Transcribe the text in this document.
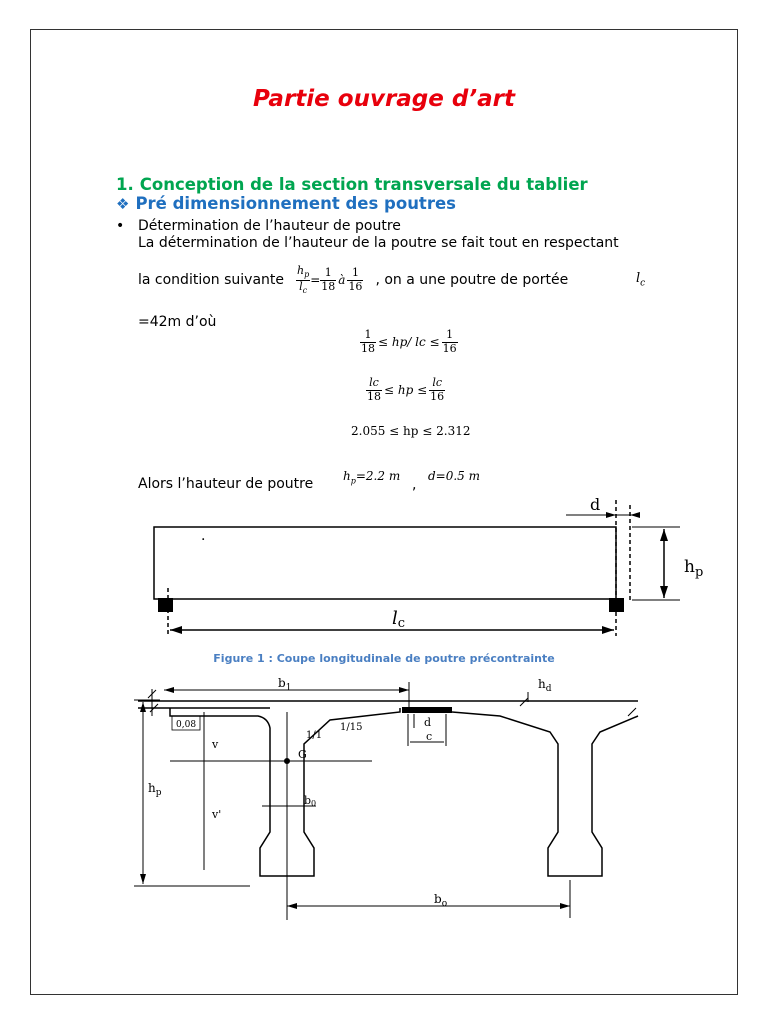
Partie ouvrage d’art
1. Conception de la section transversale du tablier
❖ Pré dimensionnement des poutres
• Détermination de l’hauteur de poutre
La détermination de l’hauteur de la poutre se fait tout en respectant
la condition suivante $\frac{h_p}{l_c} = \frac{1}{18}$ à $\frac{1}{16}$ , on a une poutre de portée	$l_c$
=42m d’où
$\frac{1}{18} \le hp/$ lc ≤ $\frac{1}{16}$
$\frac{lc}{18}$ ≤ hp ≤ $\frac{lc}{16}$
2.055 ≤ hp ≤ 2.312
Alors l’hauteur de poutre $h_p=2.2$ m
,
d=0.5 m
·
lc
$h_p$
d
Figure 1 : Coupe longitudinale de poutre précontrainte
$b_1$	$h_d$
0,08
1/1
1/15
c
d
G
v
v'
b0
$h_p$
$b_o$
